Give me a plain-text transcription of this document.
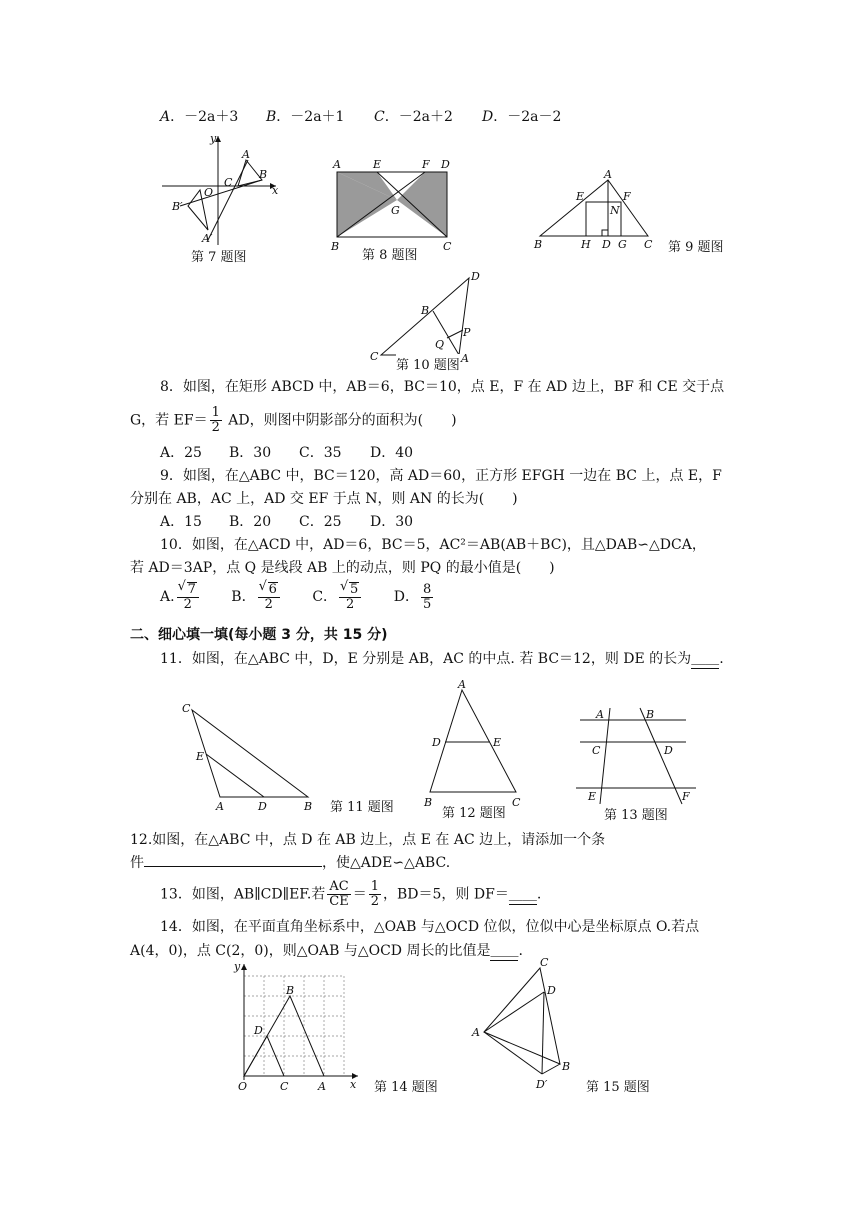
A．－2a＋3 B．－2a＋1 C．－2a＋2 D．－2a－2
y
A
B
O
C
x
B′
A′
第 7 题图
A	E	F D
G
B	C
第 8 题图
A
E	F
N
B	H D G C 第 9 题图
D
B
P
Q
C	A
第 10 题图
8．如图，在矩形 ABCD 中，AB＝6，BC＝10，点 E，F 在 AD 边上，BF 和 CE 交于点
G，若 $EF= \frac{1}{2}$ AD，则图中阴影部分的面积为(　　)
A．25 B．30 C．35 D．40
9．如图，在△ABC 中，BC＝120，高 AD＝60，正方形 EFGH 一边在 BC 上，点 E，F
分别在 AB，AC 上，AD 交 EF 于点 N，则 AN 的长为(　　)
A．15 B．20 C．25 D．30
10．如图，在△ACD 中，AD＝6，BC＝5，AC²＝AB(AB＋BC)，且△DAB∽△DCA，
若 AD＝3AP，点 Q 是线段 AB 上的动点，则 PQ 的最小值是(　　)
A. √ $\frac{7}{2}$ B． √ $\frac{6}{2}$ C． √ $\frac{5}{2}$ D． $\frac{8}{5}$
二、细心填一填(每小题 3 分，共 15 分)
11．如图，在△ABC 中，D，E 分别是 AB，AC 的中点. 若 BC＝12，则 DE 的长为＿＿.
C
E
A	D	B 第 11 题图
A
D	E
B	C
第 12 题图
A	B
C	D
E	F
第 13 题图
12.如图，在△ABC 中，点 D 在 AB 边上，点 E 在 AC 边上，请添加一个条
件	，使△ADE∽△ABC.
13．如图，AB∥CD∥EF.若 $\frac{AC}{CE} = \frac{1}{2}$ ，BD＝5，则 DF＝＿＿.
14．如图，在平面直角坐标系中，△OAB 与△OCD 位似，位似中心是坐标原点 O.若点
A(4，0)，点 C(2，0)，则△OAB 与△OCD 周长的比值是＿＿.
y
B
D
O	C	A x 第 14 题图
C
D
A
B
D′	第 15 题图
